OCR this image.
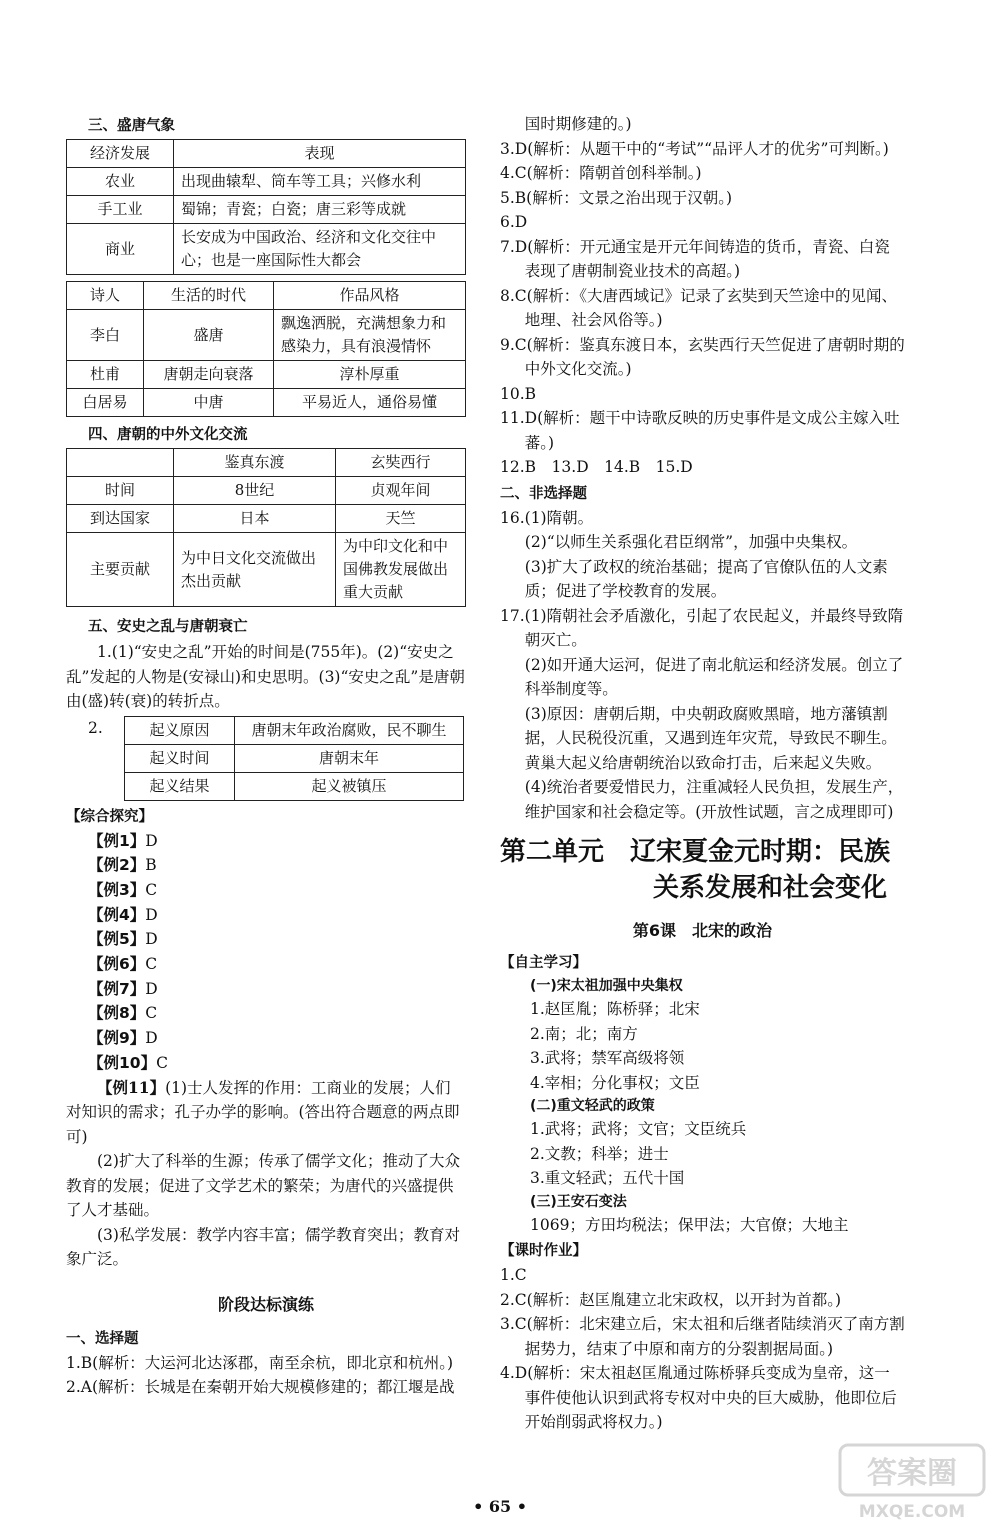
三、盛唐气象
经济发展	表现
农业	出现曲辕犁、筒车等工具；兴修水利
手工业	蜀锦；青瓷；白瓷；唐三彩等成就
商业	长安成为中国政治、经济和文化交往中心；也是一座国际性大都会
诗人	生活的时代	作品风格
李白	盛唐	飘逸洒脱，充满想象力和感染力，具有浪漫情怀
杜甫	唐朝走向衰落	淳朴厚重
白居易	中唐	平易近人，通俗易懂
四、唐朝的中外文化交流
	鉴真东渡	玄奘西行
时间	8世纪	贞观年间
到达国家	日本	天竺
主要贡献	为中日文化交流做出杰出贡献	为中印文化和中国佛教发展做出重大贡献
五、安史之乱与唐朝衰亡

1.(1)“安史之乱”开始的时间是(755年)。(2)“安史之乱”发起的人物是(安禄山)和史思明。(3)“安史之乱”是唐朝由(盛)转(衰)的转折点。

2.	起义原因	唐朝末年政治腐败，民不聊生
起义时间	唐朝末年
起义结果	起义被镇压
【综合探究】

【例1】D

【例2】B

【例3】C

【例4】D

【例5】D

【例6】C

【例7】D

【例8】C

【例9】D

【例10】C

【例11】(1)士人发挥的作用：工商业的发展；人们对知识的需求；孔子办学的影响。(答出符合题意的两点即可)

(2)扩大了科举的生源；传承了儒学文化；推动了大众教育的发展；促进了文学艺术的繁荣；为唐代的兴盛提供了人才基础。

(3)私学发展：教学内容丰富；儒学教育突出；教育对象广泛。

阶段达标演练
一、选择题

1.B(解析：大运河北达涿郡，南至余杭，即北京和杭州。)

2.A(解析：长城是在秦朝开始大规模修建的；都江堰是战

国时期修建的。)

3.D(解析：从题干中的“考试”“品评人才的优劣”可判断。)

4.C(解析：隋朝首创科举制。)

5.B(解析：文景之治出现于汉朝。)

6.D

7.D(解析：开元通宝是开元年间铸造的货币，青瓷、白瓷表现了唐朝制瓷业技术的高超。)

8.C(解析：《大唐西域记》记录了玄奘到天竺途中的见闻、地理、社会风俗等。)

9.C(解析：鉴真东渡日本，玄奘西行天竺促进了唐朝时期的中外文化交流。)

10.B

11.D(解析：题干中诗歌反映的历史事件是文成公主嫁入吐蕃。)

12.B　13.D　14.B　15.D

二、非选择题

16.(1)隋朝。

(2)“以师生关系强化君臣纲常”，加强中央集权。

(3)扩大了政权的统治基础；提高了官僚队伍的人文素质；促进了学校教育的发展。

17.(1)隋朝社会矛盾激化，引起了农民起义，并最终导致隋朝灭亡。

(2)如开通大运河，促进了南北航运和经济发展。创立了科举制度等。

(3)原因：唐朝后期，中央朝政腐败黑暗，地方藩镇割据，人民税役沉重，又遇到连年灾荒，导致民不聊生。黄巢大起义给唐朝统治以致命打击，后来起义失败。

(4)统治者要爱惜民力，注重减轻人民负担，发展生产，维护国家和社会稳定等。(开放性试题，言之成理即可)

第二单元　辽宋夏金元时期：民族
关系发展和社会变化
第6课　北宋的政治
【自主学习】
(一)宋太祖加强中央集权

1.赵匡胤；陈桥驿；北宋

2.南；北；南方

3.武将；禁军高级将领

4.宰相；分化事权；文臣

(二)重文轻武的政策

1.武将；武将；文官；文臣统兵

2.文教；科举；进士

3.重文轻武；五代十国

(三)王安石变法

1069；方田均税法；保甲法；大官僚；大地主

【课时作业】

1.C

2.C(解析：赵匡胤建立北宋政权，以开封为首都。)

3.C(解析：北宋建立后，宋太祖和后继者陆续消灭了南方割据势力，结束了中原和南方的分裂割据局面。)

4.D(解析：宋太祖赵匡胤通过陈桥驿兵变成为皇帝，这一事件使他认识到武将专权对中央的巨大威胁，他即位后开始削弱武将权力。)

• 65 •
答案圈
MXQE.COM
